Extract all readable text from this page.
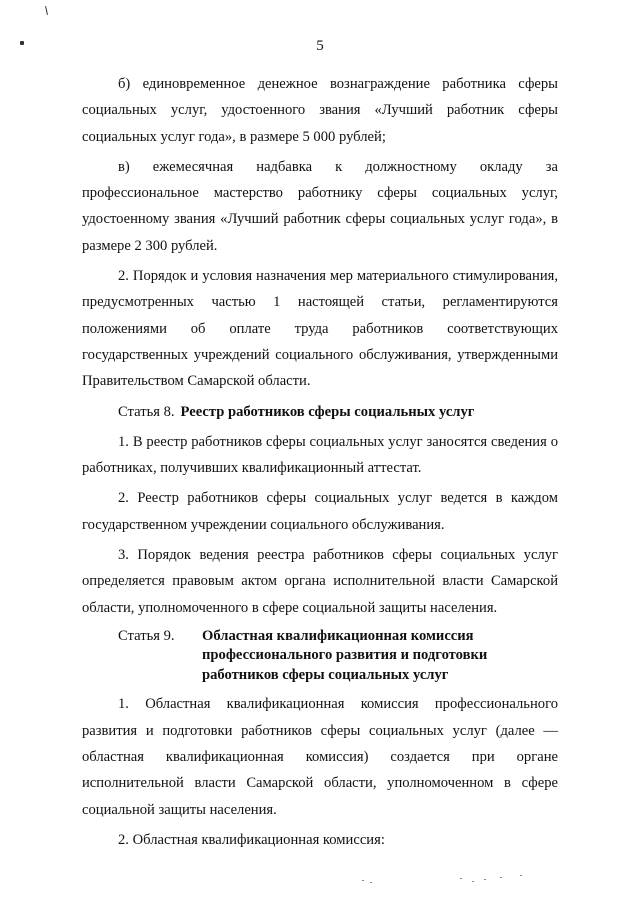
5

б) единовременное денежное вознаграждение работника сферы социальных услуг, удостоенного звания «Лучший работник сферы социальных услуг года», в размере 5 000 рублей;

в) ежемесячная надбавка к должностному окладу за профессиональное мастерство работнику сферы социальных услуг, удостоенному звания «Лучший работник сферы социальных услуг года», в размере 2 300 рублей.

2. Порядок и условия назначения мер материального стимулирования, предусмотренных частью 1 настоящей статьи, регламентируются положениями об оплате труда работников соответствующих государственных учреждений социального обслуживания, утвержденными Правительством Самарской области.

Статья 8. Реестр работников сферы социальных услуг

1. В реестр работников сферы социальных услуг заносятся сведения о работниках, получивших квалификационный аттестат.

2. Реестр работников сферы социальных услуг ведется в каждом государственном учреждении социального обслуживания.

3. Порядок ведения реестра работников сферы социальных услуг определяется правовым актом органа исполнительной власти Самарской области, уполномоченного в сфере социальной защиты населения.

Статья 9.	Областная квалификационная комиссия профессионального развития и подготовки работников сферы социальных услуг

1. Областная квалификационная комиссия профессионального развития и подготовки работников сферы социальных услуг (далее — областная квалификационная комиссия) создается при органе исполнительной власти Самарской области, уполномоченном в сфере социальной защиты населения.

2. Областная квалификационная комиссия:
